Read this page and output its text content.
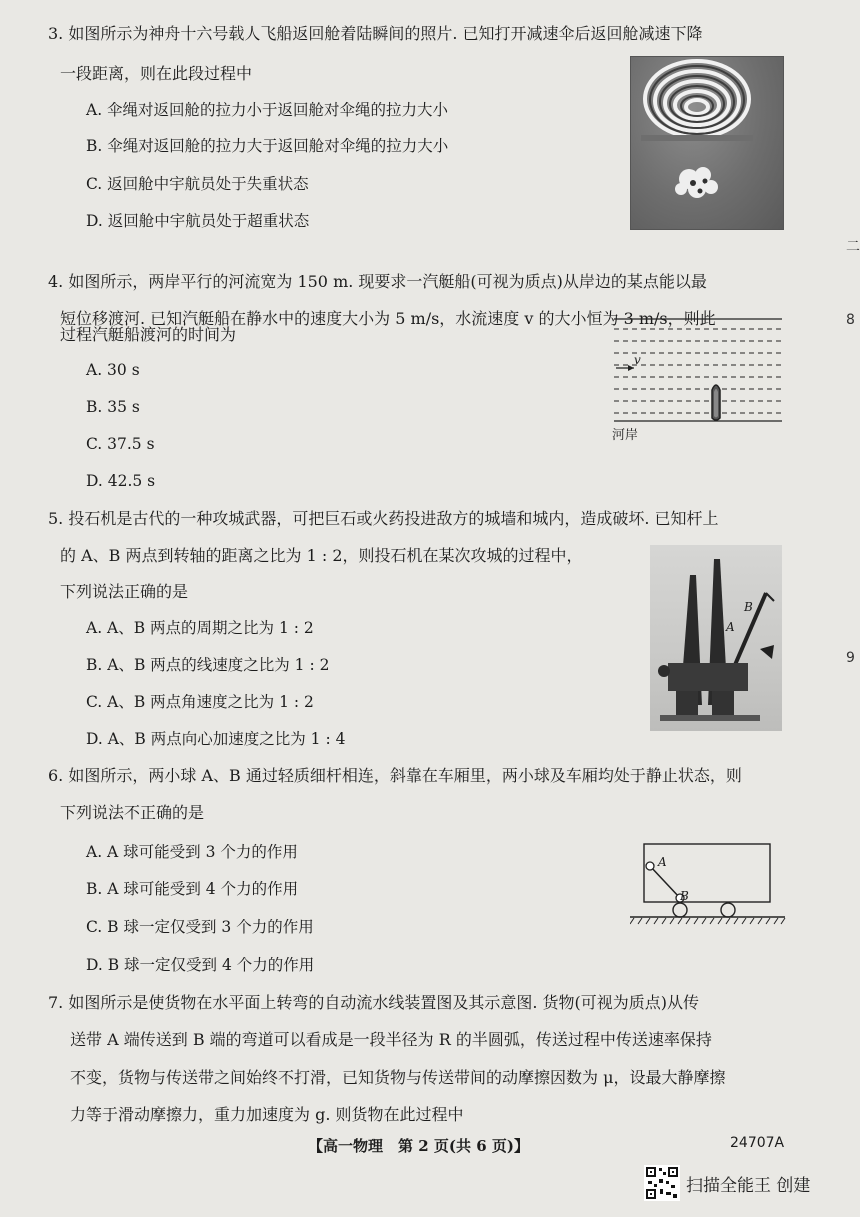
3. 如图所示为神舟十六号载人飞船返回舱着陆瞬间的照片. 已知打开减速伞后返回舱减速下降
一段距离，则在此段过程中
A. 伞绳对返回舱的拉力小于返回舱对伞绳的拉力大小
B. 伞绳对返回舱的拉力大于返回舱对伞绳的拉力大小
C. 返回舱中宇航员处于失重状态
D. 返回舱中宇航员处于超重状态
4. 如图所示，两岸平行的河流宽为 150 m. 现要求一汽艇船(可视为质点)从岸边的某点能以最
短位移渡河. 已知汽艇船在静水中的速度大小为 5 m/s，水流速度 v 的大小恒为 3 m/s，则此
过程汽艇船渡河的时间为
A. 30 s
B. 35 s
C. 37.5 s
D. 42.5 s
v
河岸
5. 投石机是古代的一种攻城武器，可把巨石或火药投进敌方的城墙和城内，造成破坏. 已知杆上
的 A、B 两点到转轴的距离之比为 1 : 2，则投石机在某次攻城的过程中，
下列说法正确的是
A. A、B 两点的周期之比为 1 : 2
B. A、B 两点的线速度之比为 1 : 2
C. A、B 两点角速度之比为 1 : 2
D. A、B 两点向心加速度之比为 1 : 4
B
A
6. 如图所示，两小球 A、B 通过轻质细杆相连，斜靠在车厢里，两小球及车厢均处于静止状态，则
下列说法不正确的是
A. A 球可能受到 3 个力的作用
B. A 球可能受到 4 个力的作用
C. B 球一定仅受到 3 个力的作用
D. B 球一定仅受到 4 个力的作用
A
B
7. 如图所示是使货物在水平面上转弯的自动流水线装置图及其示意图. 货物(可视为质点)从传
送带 A 端传送到 B 端的弯道可以看成是一段半径为 R 的半圆弧，传送过程中传送速率保持
不变，货物与传送带之间始终不打滑，已知货物与传送带间的动摩擦因数为 μ，设最大静摩擦
力等于滑动摩擦力，重力加速度为 g. 则货物在此过程中
【高一物理　第 2 页(共 6 页)】	24707A
二
8
9
扫描全能王 创建
